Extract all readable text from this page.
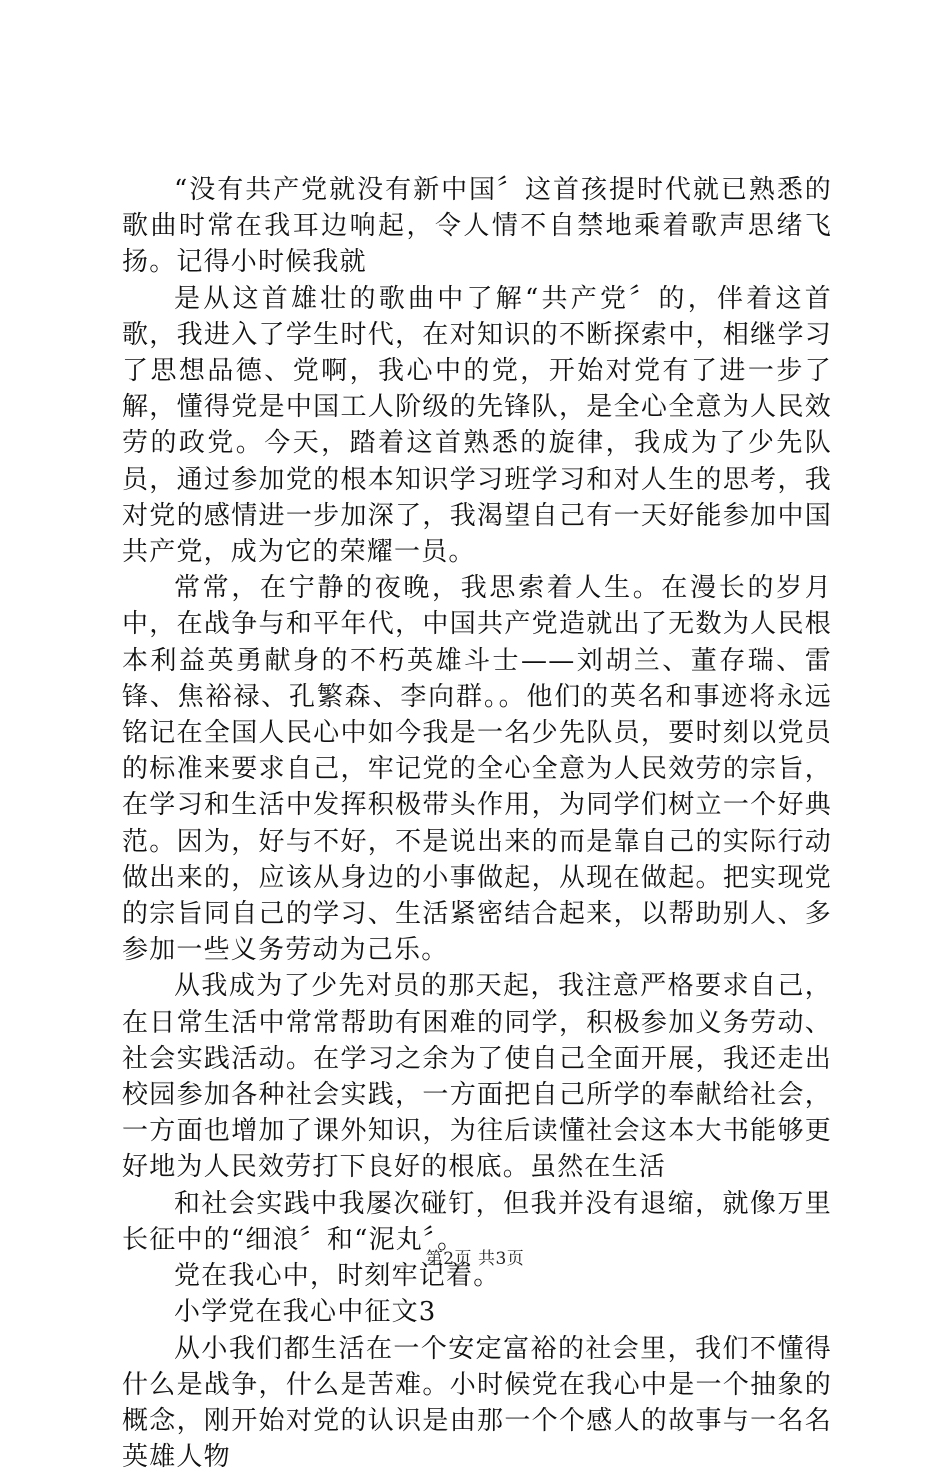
“没有共产党就没有新中国〞这首孩提时代就已熟悉的歌曲时常在我耳边响起，令人情不自禁地乘着歌声思绪飞扬。记得小时候我就

是从这首雄壮的歌曲中了解“共产党〞的，伴着这首歌，我进入了学生时代，在对知识的不断探索中，相继学习了思想品德、党啊，我心中的党，开始对党有了进一步了解，懂得党是中国工人阶级的先锋队，是全心全意为人民效劳的政党。今天，踏着这首熟悉的旋律，我成为了少先队员，通过参加党的根本知识学习班学习和对人生的思考，我对党的感情进一步加深了，我渴望自己有一天好能参加中国共产党，成为它的荣耀一员。

常常，在宁静的夜晚，我思索着人生。在漫长的岁月中，在战争与和平年代，中国共产党造就出了无数为人民根本利益英勇献身的不朽英雄斗士——刘胡兰、董存瑞、雷锋、焦裕禄、孔繁森、李向群。。他们的英名和事迹将永远铭记在全国人民心中如今我是一名少先队员，要时刻以党员的标准来要求自己，牢记党的全心全意为人民效劳的宗旨，在学习和生活中发挥积极带头作用，为同学们树立一个好典范。因为，好与不好，不是说出来的而是靠自己的实际行动做出来的，应该从身边的小事做起，从现在做起。把实现党的宗旨同自己的学习、生活紧密结合起来，以帮助别人、多参加一些义务劳动为己乐。

从我成为了少先对员的那天起，我注意严格要求自己，在日常生活中常常帮助有困难的同学，积极参加义务劳动、社会实践活动。在学习之余为了使自己全面开展，我还走出校园参加各种社会实践，一方面把自己所学的奉献给社会，一方面也增加了课外知识，为往后读懂社会这本大书能够更好地为人民效劳打下良好的根底。虽然在生活

和社会实践中我屡次碰钉，但我并没有退缩，就像万里长征中的“细浪〞和“泥丸〞。

党在我心中，时刻牢记着。

小学党在我心中征文3

从小我们都生活在一个安定富裕的社会里，我们不懂得什么是战争，什么是苦难。小时候党在我心中是一个抽象的概念，刚开始对党的认识是由那一个个感人的故事与一名名英雄人物

第2页 共3页
